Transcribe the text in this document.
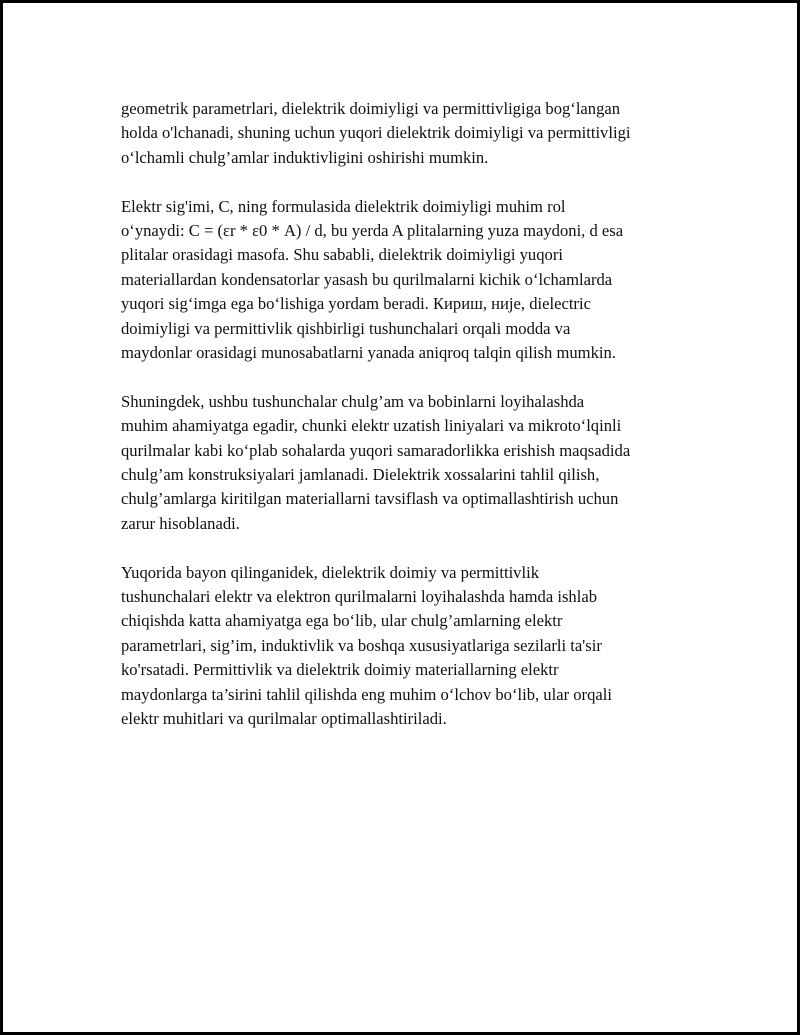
geometrik parametrlari, dielektrik doimiyligi va permittivligiga bog‘langan
holda o'lchanadi, shuning uchun yuqori dielektrik doimiyligi va permittivligi
o‘lchamli chulg’amlar induktivligini oshirishi mumkin.

Elektr sig'imi, C, ning formulasida dielektrik doimiyligi muhim rol
o‘ynaydi: C = (εr * ε0 * A) / d, bu yerda A plitalarning yuza maydoni, d esa
plitalar orasidagi masofa. Shu sababli, dielektrik doimiyligi yuqori
materiallardan kondensatorlar yasash bu qurilmalarni kichik o‘lchamlarda
yuqori sig‘imga ega bo‘lishiga yordam beradi. Кириш, ниje, dielectric
doimiyligi va permittivlik qishbirligi tushunchalari orqali modda va
maydonlar orasidagi munosabatlarni yanada aniqroq talqin qilish mumkin.

Shuningdek, ushbu tushunchalar chulg’am va bobinlarni loyihalashda
muhim ahamiyatga egadir, chunki elektr uzatish liniyalari va mikroto‘lqinli
qurilmalar kabi ko‘plab sohalarda yuqori samaradorlikka erishish maqsadida
chulg’am konstruksiyalari jamlanadi. Dielektrik xossalarini tahlil qilish,
chulg’amlarga kiritilgan materiallarni tavsiflash va optimallashtirish uchun
zarur hisoblanadi.

Yuqorida bayon qilinganidek, dielektrik doimiy va permittivlik
tushunchalari elektr va elektron qurilmalarni loyihalashda hamda ishlab
chiqishda katta ahamiyatga ega bo‘lib, ular chulg’amlarning elektr
parametrlari, sig’im, induktivlik va boshqa xususiyatlariga sezilarli ta'sir
ko'rsatadi. Permittivlik va dielektrik doimiy materiallarning elektr
maydonlarga ta’sirini tahlil qilishda eng muhim o‘lchov bo‘lib, ular orqali
elektr muhitlari va qurilmalar optimallashtiriladi.
